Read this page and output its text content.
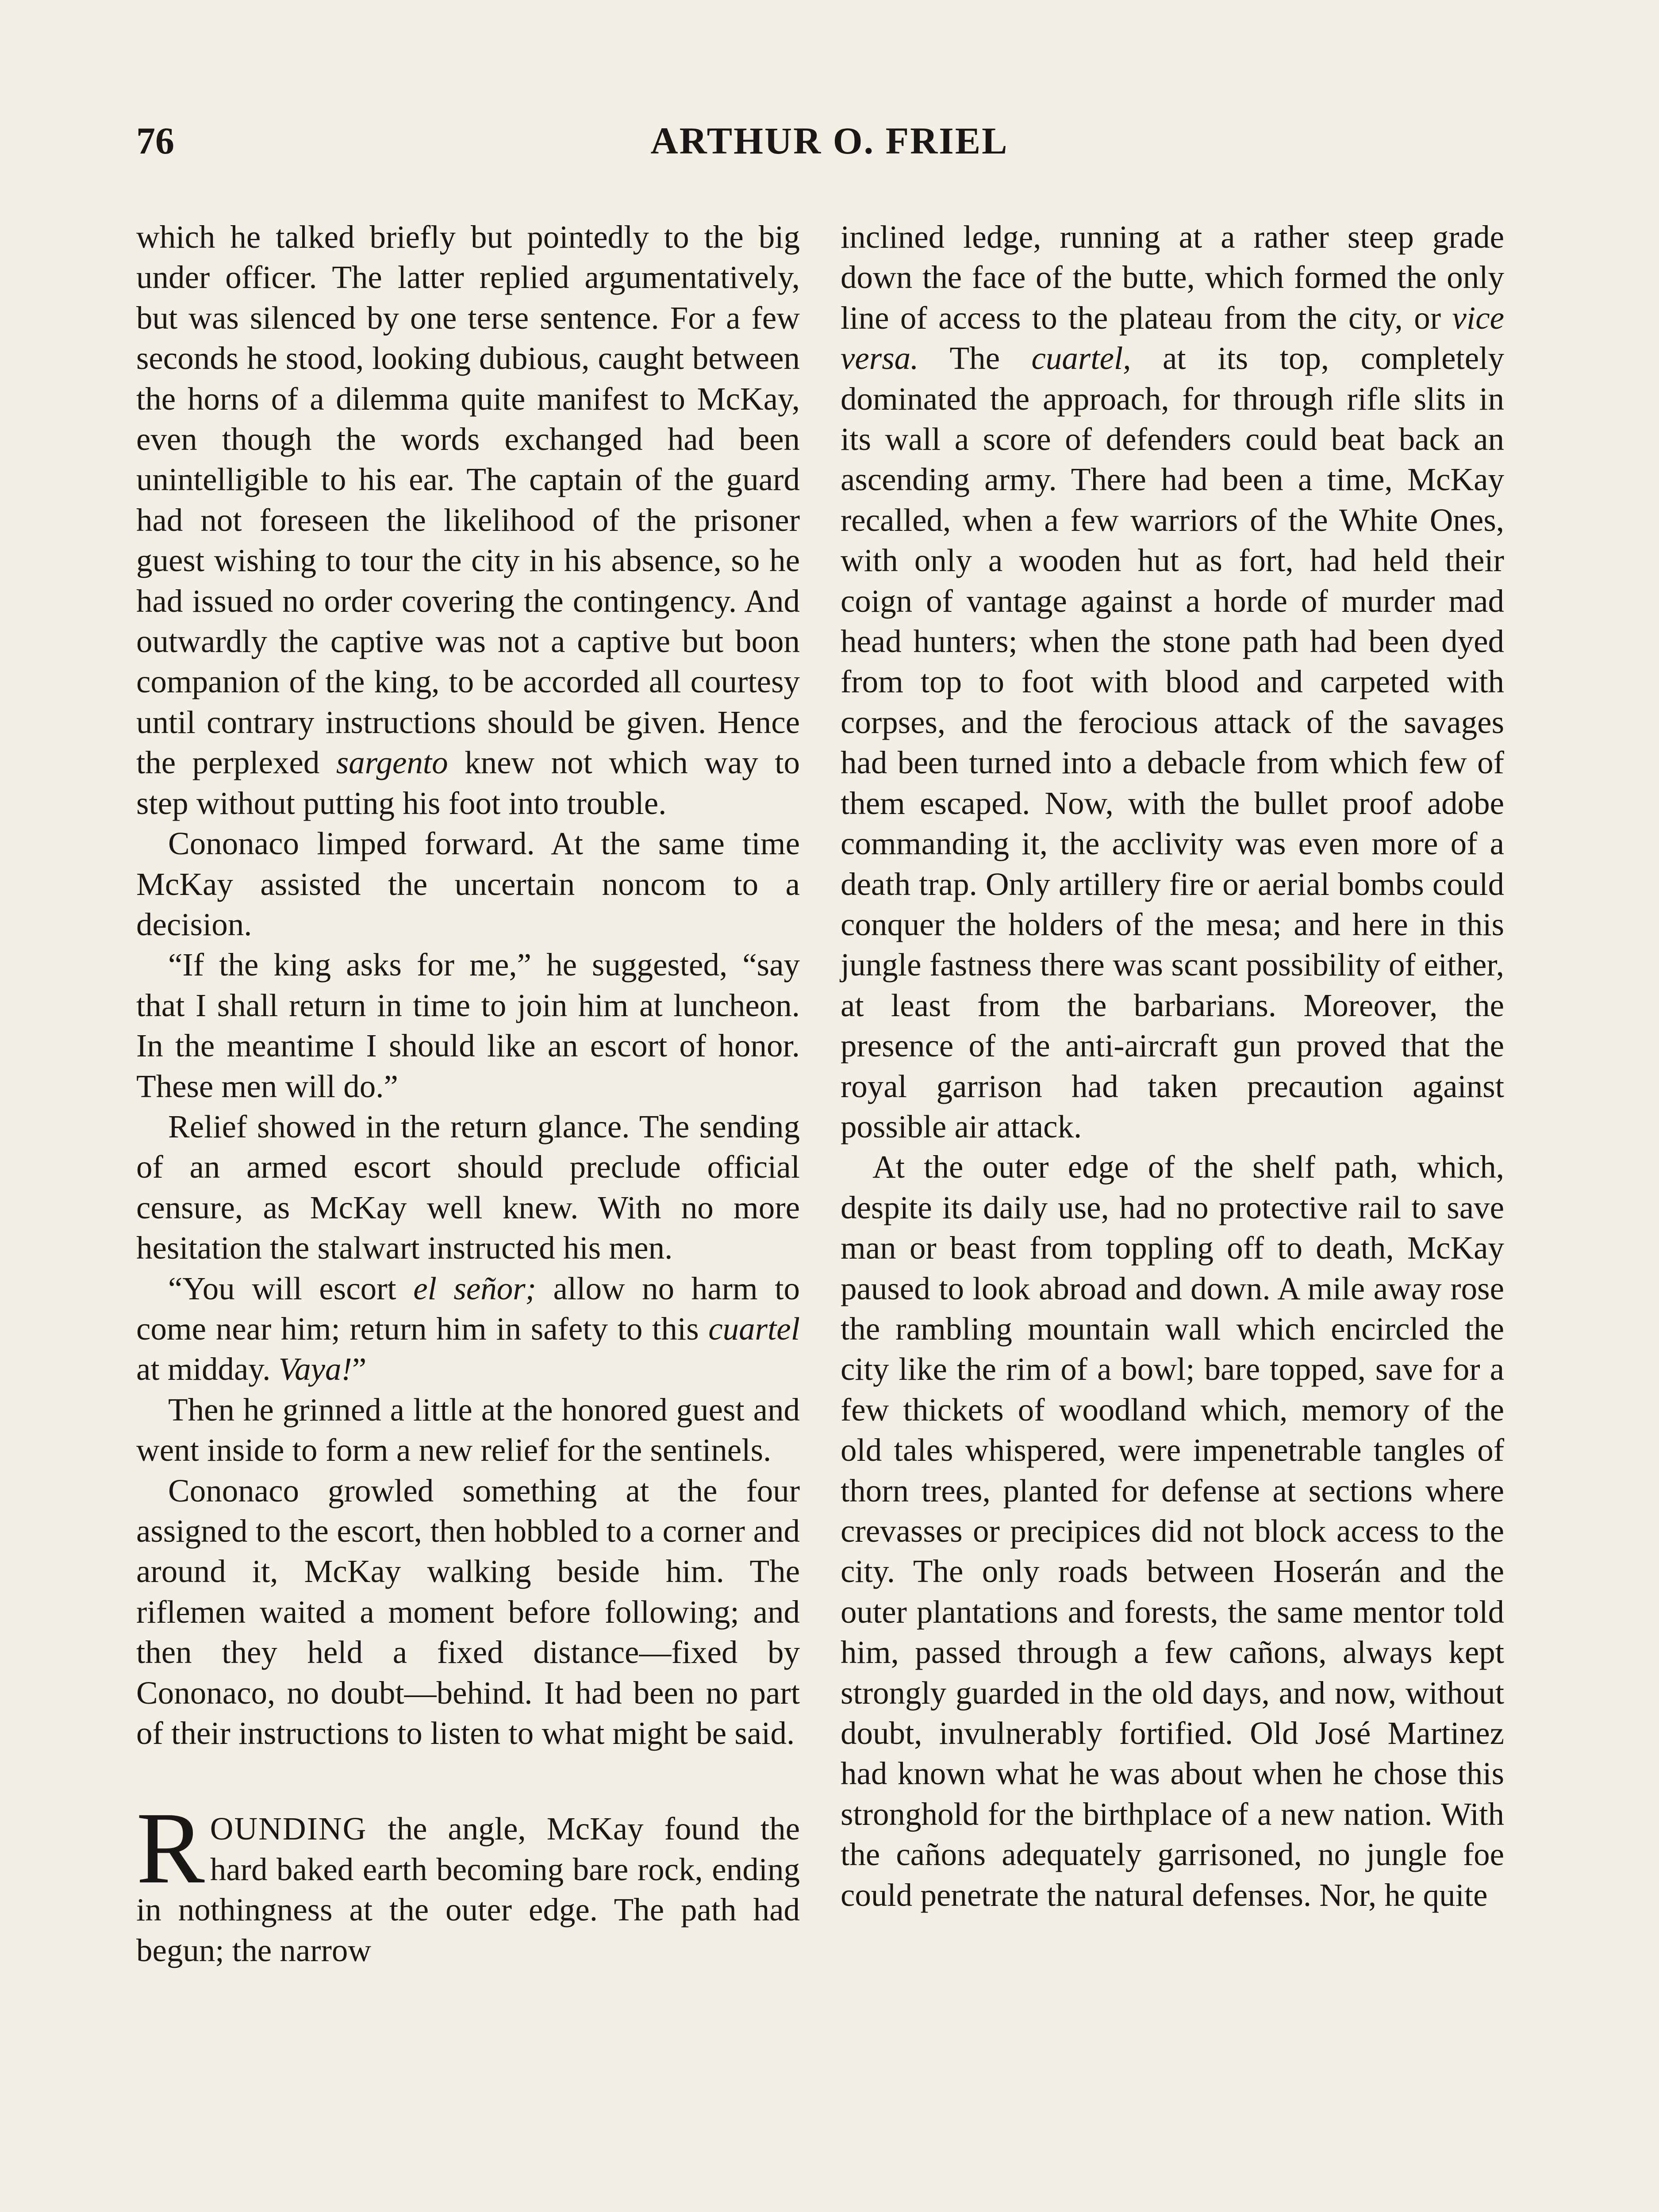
76	ARTHUR O. FRIEL

which he talked briefly but pointedly to the big under officer. The latter replied argumentatively, but was silenced by one terse sentence. For a few seconds he stood, looking dubious, caught between the horns of a dilemma quite manifest to McKay, even though the words exchanged had been unintelligible to his ear. The captain of the guard had not foreseen the likelihood of the prisoner guest wishing to tour the city in his absence, so he had issued no order covering the contingency. And outwardly the captive was not a captive but boon companion of the king, to be accorded all courtesy until contrary instructions should be given. Hence the perplexed sargento knew not which way to step without putting his foot into trouble.

Cononaco limped forward. At the same time McKay assisted the uncertain noncom to a decision.

“If the king asks for me,” he suggested, “say that I shall return in time to join him at luncheon. In the meantime I should like an escort of honor. These men will do.”

Relief showed in the return glance. The sending of an armed escort should preclude official censure, as McKay well knew. With no more hesitation the stalwart instructed his men.

“You will escort el señor; allow no harm to come near him; return him in safety to this cuartel at midday. Vaya!”

Then he grinned a little at the honored guest and went inside to form a new relief for the sentinels.

Cononaco growled something at the four assigned to the escort, then hobbled to a corner and around it, McKay walking beside him. The riflemen waited a moment before following; and then they held a fixed distance—fixed by Cononaco, no doubt—behind. It had been no part of their instructions to listen to what might be said.

ROUNDING the angle, McKay found the hard baked earth becoming bare rock, ending in nothingness at the outer edge. The path had begun; the narrow

inclined ledge, running at a rather steep grade down the face of the butte, which formed the only line of access to the plateau from the city, or vice versa. The cuartel, at its top, completely dominated the approach, for through rifle slits in its wall a score of defenders could beat back an ascending army. There had been a time, McKay recalled, when a few warriors of the White Ones, with only a wooden hut as fort, had held their coign of vantage against a horde of murder mad head hunters; when the stone path had been dyed from top to foot with blood and carpeted with corpses, and the ferocious attack of the savages had been turned into a debacle from which few of them escaped. Now, with the bullet proof adobe commanding it, the acclivity was even more of a death trap. Only artillery fire or aerial bombs could conquer the holders of the mesa; and here in this jungle fastness there was scant possibility of either, at least from the barbarians. Moreover, the presence of the anti-aircraft gun proved that the royal garrison had taken precaution against possible air attack.

At the outer edge of the shelf path, which, despite its daily use, had no protective rail to save man or beast from toppling off to death, McKay paused to look abroad and down. A mile away rose the rambling mountain wall which encircled the city like the rim of a bowl; bare topped, save for a few thickets of woodland which, memory of the old tales whispered, were impenetrable tangles of thorn trees, planted for defense at sections where crevasses or precipices did not block access to the city. The only roads between Hoserán and the outer plantations and forests, the same mentor told him, passed through a few cañons, always kept strongly guarded in the old days, and now, without doubt, invulnerably fortified. Old José Martinez had known what he was about when he chose this stronghold for the birthplace of a new nation. With the cañons adequately garrisoned, no jungle foe could penetrate the natural defenses. Nor, he quite
